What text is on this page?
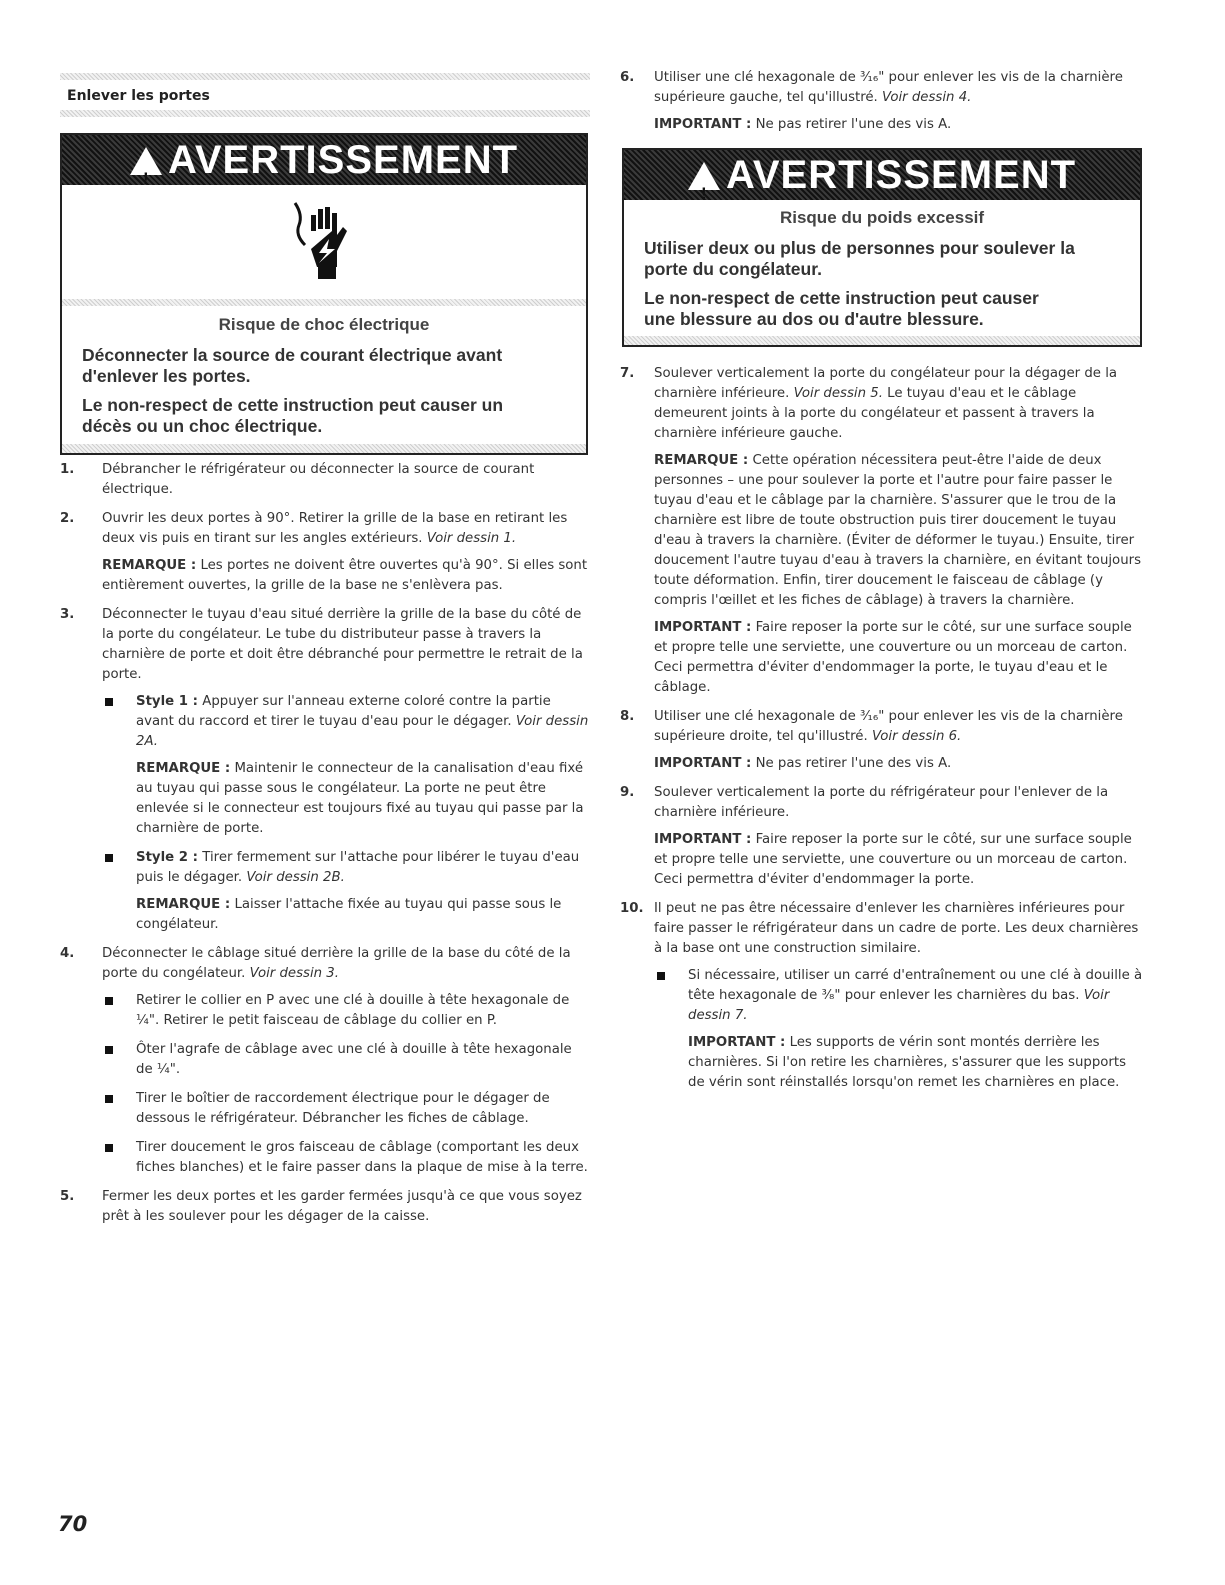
Enlever les portes
! AVERTISSEMENT

Risque de choc électrique

Déconnecter la source de courant électrique avant d'enlever les portes.

Le non-respect de cette instruction peut causer un décès ou un choc électrique.

1. Débrancher le réfrigérateur ou déconnecter la source de courant électrique.

2. Ouvrir les deux portes à 90°. Retirer la grille de la base en retirant les deux vis puis en tirant sur les angles extérieurs. Voir dessin 1.

REMARQUE : Les portes ne doivent être ouvertes qu'à 90°. Si elles sont entièrement ouvertes, la grille de la base ne s'enlèvera pas.

3. Déconnecter le tuyau d'eau situé derrière la grille de la base du côté de la porte du congélateur. Le tube du distributeur passe à travers la charnière de porte et doit être débranché pour permettre le retrait de la porte.

Style 1 : Appuyer sur l'anneau externe coloré contre la partie avant du raccord et tirer le tuyau d'eau pour le dégager. Voir dessin 2A.

REMARQUE : Maintenir le connecteur de la canalisation d'eau fixé au tuyau qui passe sous le congélateur. La porte ne peut être enlevée si le connecteur est toujours fixé au tuyau qui passe par la charnière de porte.

Style 2 : Tirer fermement sur l'attache pour libérer le tuyau d'eau puis le dégager. Voir dessin 2B.

REMARQUE : Laisser l'attache fixée au tuyau qui passe sous le congélateur.

4. Déconnecter le câblage situé derrière la grille de la base du côté de la porte du congélateur. Voir dessin 3.

Retirer le collier en P avec une clé à douille à tête hexagonale de ¼". Retirer le petit faisceau de câblage du collier en P.
Ôter l'agrafe de câblage avec une clé à douille à tête hexagonale de ¼".
Tirer le boîtier de raccordement électrique pour le dégager de dessous le réfrigérateur. Débrancher les fiches de câblage.
Tirer doucement le gros faisceau de câblage (comportant les deux fiches blanches) et le faire passer dans la plaque de mise à la terre.
5. Fermer les deux portes et les garder fermées jusqu'à ce que vous soyez prêt à les soulever pour les dégager de la caisse.

6. Utiliser une clé hexagonale de ³⁄₁₆" pour enlever les vis de la charnière supérieure gauche, tel qu'illustré. Voir dessin 4.

IMPORTANT : Ne pas retirer l'une des vis A.

! AVERTISSEMENT

Risque du poids excessif

Utiliser deux ou plus de personnes pour soulever la porte du congélateur.

Le non-respect de cette instruction peut causer une blessure au dos ou d'autre blessure.

7. Soulever verticalement la porte du congélateur pour la dégager de la charnière inférieure. Voir dessin 5. Le tuyau d'eau et le câblage demeurent joints à la porte du congélateur et passent à travers la charnière inférieure gauche.

REMARQUE : Cette opération nécessitera peut-être l'aide de deux personnes – une pour soulever la porte et l'autre pour faire passer le tuyau d'eau et le câblage par la charnière. S'assurer que le trou de la charnière est libre de toute obstruction puis tirer doucement le tuyau d'eau à travers la charnière. (Éviter de déformer le tuyau.) Ensuite, tirer doucement l'autre tuyau d'eau à travers la charnière, en évitant toujours toute déformation. Enfin, tirer doucement le faisceau de câblage (y compris l'œillet et les fiches de câblage) à travers la charnière.

IMPORTANT : Faire reposer la porte sur le côté, sur une surface souple et propre telle une serviette, une couverture ou un morceau de carton. Ceci permettra d'éviter d'endommager la porte, le tuyau d'eau et le câblage.

8. Utiliser une clé hexagonale de ³⁄₁₆" pour enlever les vis de la charnière supérieure droite, tel qu'illustré. Voir dessin 6.

IMPORTANT : Ne pas retirer l'une des vis A.

9. Soulever verticalement la porte du réfrigérateur pour l'enlever de la charnière inférieure.

IMPORTANT : Faire reposer la porte sur le côté, sur une surface souple et propre telle une serviette, une couverture ou un morceau de carton. Ceci permettra d'éviter d'endommager la porte.

10. Il peut ne pas être nécessaire d'enlever les charnières inférieures pour faire passer le réfrigérateur dans un cadre de porte. Les deux charnières à la base ont une construction similaire.

Si nécessaire, utiliser un carré d'entraînement ou une clé à douille à tête hexagonale de ³⁄₈" pour enlever les charnières du bas. Voir dessin 7.

IMPORTANT : Les supports de vérin sont montés derrière les charnières. Si l'on retire les charnières, s'assurer que les supports de vérin sont réinstallés lorsqu'on remet les charnières en place.

70
